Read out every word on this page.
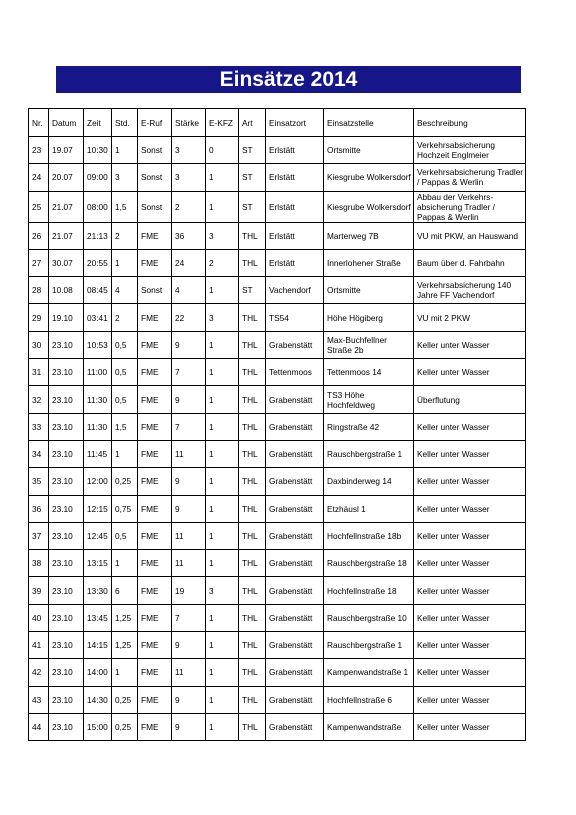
Einsätze 2014
Nr.	Datum	Zeit	Std.	E-Ruf	Stärke	E-KFZ	Art	Einsatzort	Einsatzstelle	Beschreibung
23	19.07	10:30	1	Sonst	3	0	ST	Erlstätt	Ortsmitte	Verkehrsabsicherung Hochzeit Englmeier
24	20.07	09:00	3	Sonst	3	1	ST	Erlstätt	Kiesgrube Wolkersdorf	Verkehrsabsicherung Tradler / Pappas & Werlin
25	21.07	08:00	1,5	Sonst	2	1	ST	Erlstätt	Kiesgrube Wolkersdorf	Abbau der Verkehrs-absicherung Tradler / Pappas & Werlin
26	21.07	21:13	2	FME	36	3	THL	Erlstätt	Marterweg 7B	VU mit PKW, an Hauswand
27	30.07	20:55	1	FME	24	2	THL	Erlstätt	Innerlohener Straße	Baum über d. Fahrbahn
28	10.08	08:45	4	Sonst	4	1	ST	Vachendorf	Ortsmitte	Verkehrsabsicherung 140 Jahre FF Vachendorf
29	19.10	03:41	2	FME	22	3	THL	TS54	Höhe Högiberg	VU mit 2 PKW
30	23.10	10:53	0,5	FME	9	1	THL	Grabenstätt	Max-Buchfellner Straße 2b	Keller unter Wasser
31	23.10	11:00	0,5	FME	7	1	THL	Tettenmoos	Tettenmoos 14	Keller unter Wasser
32	23.10	11:30	0,5	FME	9	1	THL	Grabenstätt	TS3 Höhe Hochfeldweg	Überflutung
33	23.10	11:30	1,5	FME	7	1	THL	Grabenstätt	Ringstraße 42	Keller unter Wasser
34	23.10	11:45	1	FME	11	1	THL	Grabenstätt	Rauschbergstraße 1	Keller unter Wasser
35	23.10	12:00	0,25	FME	9	1	THL	Grabenstätt	Daxbinderweg 14	Keller unter Wasser
36	23.10	12:15	0,75	FME	9	1	THL	Grabenstätt	Etzhäusl 1	Keller unter Wasser
37	23.10	12:45	0,5	FME	11	1	THL	Grabenstätt	Hochfellnstraße 18b	Keller unter Wasser
38	23.10	13:15	1	FME	11	1	THL	Grabenstätt	Rauschbergstraße 18	Keller unter Wasser
39	23.10	13:30	6	FME	19	3	THL	Grabenstätt	Hochfellnstraße 18	Keller unter Wasser
40	23.10	13:45	1,25	FME	7	1	THL	Grabenstätt	Rauschbergstraße 10	Keller unter Wasser
41	23.10	14:15	1,25	FME	9	1	THL	Grabenstätt	Rauschbergstraße 1	Keller unter Wasser
42	23.10	14:00	1	FME	11	1	THL	Grabenstätt	Kampenwandstraße 1	Keller unter Wasser
43	23.10	14:30	0,25	FME	9	1	THL	Grabenstätt	Hochfellnstraße 6	Keller unter Wasser
44	23.10	15:00	0,25	FME	9	1	THL	Grabenstätt	Kampenwandstraße	Keller unter Wasser
